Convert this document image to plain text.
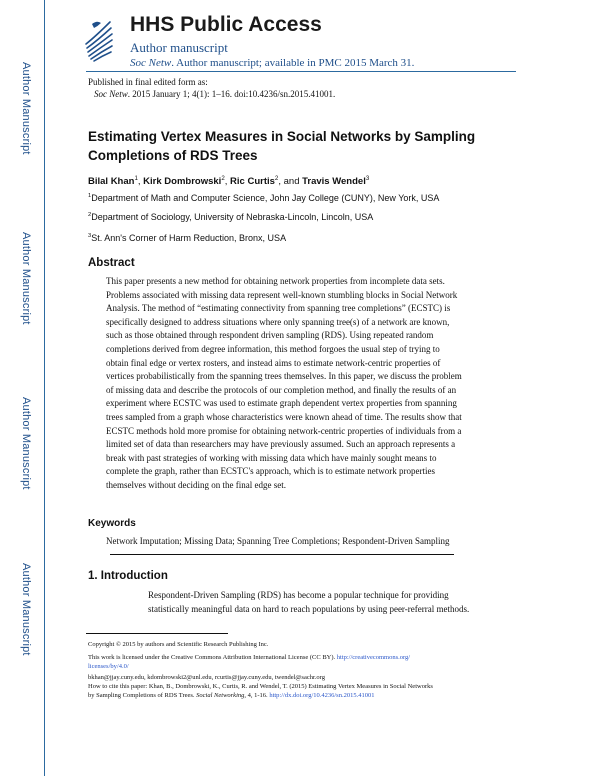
Author Manuscript
Author Manuscript
Author Manuscript
Author Manuscript
HHS Public Access
Author manuscript
Soc Netw. Author manuscript; available in PMC 2015 March 31.
Published in final edited form as:
Soc Netw. 2015 January 1; 4(1): 1–16. doi:10.4236/sn.2015.41001.
Estimating Vertex Measures in Social Networks by Sampling Completions of RDS Trees
Bilal Khan$^1$, Kirk Dombrowski$^2$, Ric Curtis$^2$, and Travis Wendel$^3$
$^1$Department of Math and Computer Science, John Jay College (CUNY), New York, USA
$^2$Department of Sociology, University of Nebraska-Lincoln, Lincoln, USA
$^3$St. Ann's Corner of Harm Reduction, Bronx, USA
Abstract
This paper presents a new method for obtaining network properties from incomplete data sets.
Problems associated with missing data represent well-known stumbling blocks in Social Network
Analysis. The method of “estimating connectivity from spanning tree completions” (ECSTC) is
specifically designed to address situations where only spanning tree(s) of a network are known,
such as those obtained through respondent driven sampling (RDS). Using repeated random
completions derived from degree information, this method forgoes the usual step of trying to
obtain final edge or vertex rosters, and instead aims to estimate network-centric properties of
vertices probabilistically from the spanning trees themselves. In this paper, we discuss the problem
of missing data and describe the protocols of our completion method, and finally the results of an
experiment where ECSTC was used to estimate graph dependent vertex properties from spanning
trees sampled from a graph whose characteristics were known ahead of time. The results show that
ECSTC methods hold more promise for obtaining network-centric properties of individuals from a
limited set of data than researchers may have previously assumed. Such an approach represents a
break with past strategies of working with missing data which have mainly sought means to
complete the graph, rather than ECSTC's approach, which is to estimate network properties
themselves without deciding on the final edge set.
Keywords
Network Imputation; Missing Data; Spanning Tree Completions; Respondent-Driven Sampling
1. Introduction
Respondent-Driven Sampling (RDS) has become a popular technique for providing
statistically meaningful data on hard to reach populations by using peer-referral methods.
Copyright © 2015 by authors and Scientific Research Publishing Inc.
This work is licensed under the Creative Commons Attribution International License (CC BY). http://creativecommons.org/
licenses/by/4.0/
bkhan@jjay.cuny.edu, kdombrowski2@unl.edu, rcurtis@jjay.cuny.edu, twendel@sachr.org
How to cite this paper: Khan, B., Dombrowski, K., Curtis, R. and Wendel, T. (2015) Estimating Vertex Measures in Social Networks
by Sampling Completions of RDS Trees. Social Networking, 4, 1-16. http://dx.doi.org/10.4236/sn.2015.41001
